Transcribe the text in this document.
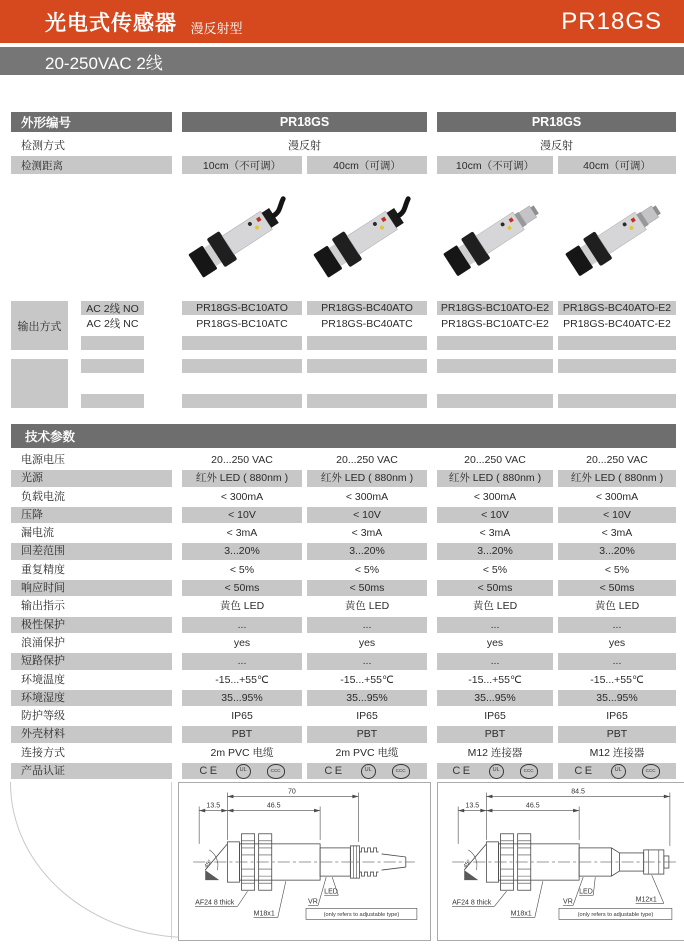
光电式传感器 漫反射型	PR18GS
20-250VAC 2线
外形编号	PR18GS	PR18GS
检测方式	漫反射	漫反射
检测距离	10cm（不可调）	40cm（可调）	10cm（不可调）	40cm（可调）
输出方式
AC 2线 NO	PR18GS-BC10ATO	PR18GS-BC40ATO	PR18GS-BC10ATO-E2	PR18GS-BC40ATO-E2
AC 2线 NC	PR18GS-BC10ATC	PR18GS-BC40ATC	PR18GS-BC10ATC-E2	PR18GS-BC40ATC-E2
技术参数
电源电压	20...250 VAC	20...250 VAC	20...250 VAC	20...250 VAC
光源	红外 LED ( 880nm )	红外 LED ( 880nm )	红外 LED ( 880nm )	红外 LED ( 880nm )
负载电流	< 300mA	< 300mA	< 300mA	< 300mA
压降	< 10V	< 10V	< 10V	< 10V
漏电流	< 3mA	< 3mA	< 3mA	< 3mA
回差范围	3...20%	3...20%	3...20%	3...20%
重复精度	< 5%	< 5%	< 5%	< 5%
响应时间	< 50ms	< 50ms	< 50ms	< 50ms
输出指示	黄色 LED	黄色 LED	黄色 LED	黄色 LED
极性保护	...	...	...	...
浪涌保护	yes	yes	yes	yes
短路保护	...	...	...	...
环境温度	-15...+55℃	-15...+55℃	-15...+55℃	-15...+55℃
环境湿度	35...95%	35...95%	35...95%	35...95%
防护等级	IP65	IP65	IP65	IP65
外壳材料	PBT	PBT	PBT	PBT
连接方式	2m PVC 电缆	2m PVC 电缆	M12 连接器	M12 连接器
产品认证	CE	UL	CCC	CE	UL	CCC	CE	UL	CCC	CE	UL	CCC
70
13.5	46.5
45°
AF24 8 thick
M18x1
VR
LED
(only refers to adjustable type)
84.5
13.5	46.5
45°
AF24 8 thick
M18x1
VR
LED
M12x1
(only refers to adjustable type)
